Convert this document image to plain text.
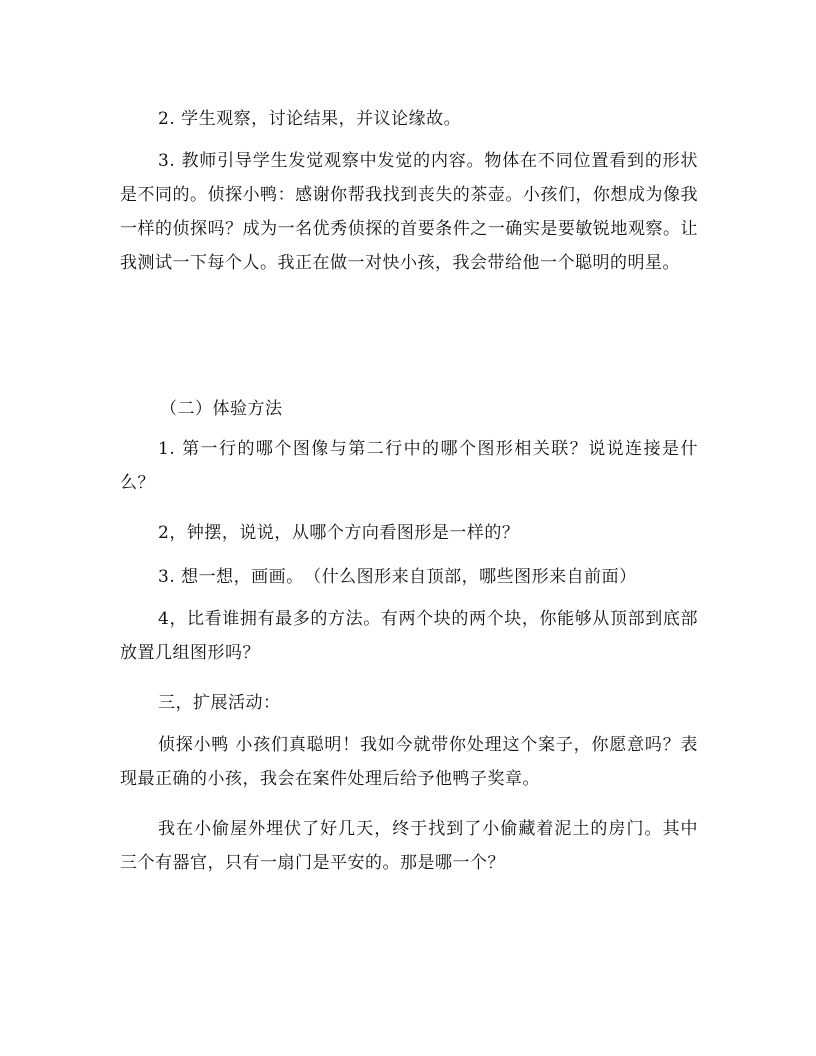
2. 学生观察，讨论结果，并议论缘故。

3. 教师引导学生发觉观察中发觉的内容。物体在不同位置看到的形状是不同的。侦探小鸭：感谢你帮我找到丧失的茶壶。小孩们，你想成为像我一样的侦探吗？成为一名优秀侦探的首要条件之一确实是要敏锐地观察。让我测试一下每个人。我正在做一对快小孩，我会带给他一个聪明的明星。

（二）体验方法

1. 第一行的哪个图像与第二行中的哪个图形相关联？说说连接是什么？

2，钟摆，说说，从哪个方向看图形是一样的？

3. 想一想，画画。　（什么图形来自顶部，哪些图形来自前面）

4，比看谁拥有最多的方法。有两个块的两个块，你能够从顶部到底部放置几组图形吗？

三，扩展活动：

侦探小鸭 小孩们真聪明！我如今就带你处理这个案子，你愿意吗？表现最正确的小孩，我会在案件处理后给予他鸭子奖章。

我在小偷屋外埋伏了好几天，终于找到了小偷藏着泥土的房门。其中三个有器官，只有一扇门是平安的。那是哪一个？
